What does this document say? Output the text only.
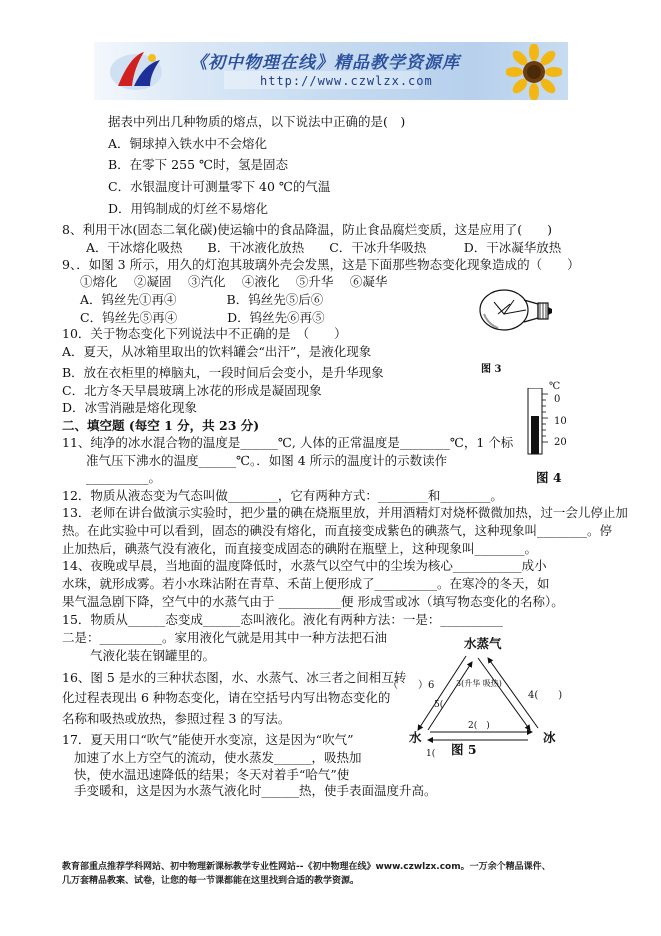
《初中物理在线》精品教学资源库
http://www.czwlzx.com
据表中列出几种物质的熔点，以下说法中正确的是(　)
A．铜球掉入铁水中不会熔化
B．在零下 255 ℃时，氢是固态
C．水银温度计可测量零下 40 ℃的气温
D．用钨制成的灯丝不易熔化
8、利用干冰(固态二氧化碳)使运输中的食品降温，防止食品腐烂变质，这是应用了(　　)
A．干冰熔化吸热　　B．干冰液化放热　　C．干冰升华吸热　　　D．干冰凝华放热
9、．如图 3 所示，用久的灯泡其玻璃外壳会发黑，这是下面那些物态变化现象造成的（　　）
①熔化　 ②凝固　 ③汽化　 ④液化　 ⑤升华　 ⑥凝华
A．钨丝先①再④　　　　B．钨丝先⑤后⑥
C．钨丝先⑤再④　　　　D．钨丝先⑥再⑤
图 3
10．关于物态变化下列说法中不正确的是　（　　）
A．夏天，从冰箱里取出的饮料罐会“出汗”，是液化现象
B．放在衣柜里的樟脑丸，一段时间后会变小，是升华现象
C．北方冬天早晨玻璃上冰花的形成是凝固现象
D．冰雪消融是熔化现象
二、填空题 (每空 1 分，共 23 分)
℃
0
10
20
图 4
11、纯净的冰水混合物的温度是______℃, 人体的正常温度是________℃，1 个标
准气压下沸水的温度______℃。．如图 4 所示的温度计的示数读作
__________。
12．物质从液态变为气态叫做________，它有两种方式：________和________。
13．老师在讲台做演示实验时，把少量的碘在烧瓶里放，并用酒精灯对烧杯微微加热，过一会儿停止加
热。在此实验中可以看到，固态的碘没有熔化，而直接变成紫色的碘蒸气，这种现象叫________。停
止加热后，碘蒸气没有液化，而直接变成固态的碘附在瓶壁上，这种现象叫________。
14、夜晚或早晨，当地面的温度降低时，水蒸气以空气中的尘埃为核心___________成小
水珠，就形成雾。若小水珠沾附在青草、禾苗上便形成了__________。在寒冷的冬天，如
果气温急剧下降，空气中的水蒸气由于 __________便 形成雪或冰（填写物态变化的名称）。
15．物质从______态变成______态叫液化。液化有两种方法：一是：__________
二是：__________。家用液化气就是用其中一种方法把石油
气液化装在钢罐里的。
16、图 5 是水的三种状态图，水、水蒸气、冰三者之间相互转
化过程表现出 6 种物态变化，请在空括号内写出物态变化的
名称和吸热或放热，参照过程 3 的写法。
17．夏天用口“吹气”能使开水变凉，这是因为“吹气”
加速了水上方空气的流动，使水蒸发______，吸热加
快，使水温迅速降低的结果；冬天对着手“哈气”使
手变暖和，这是因为水蒸气液化时______热，使手表面温度升高。
水蒸气
水	冰
（　　）6	3(升华 吸热)
4(　　)
5(
2(　)
1(　 图 5
教育部重点推荐学科网站、初中物理新课标教学专业性网站--《初中物理在线》www.czwlzx.com。一万余个精品课件、
几万套精品教案、试卷，让您的每一节课都能在这里找到合适的教学资源。
